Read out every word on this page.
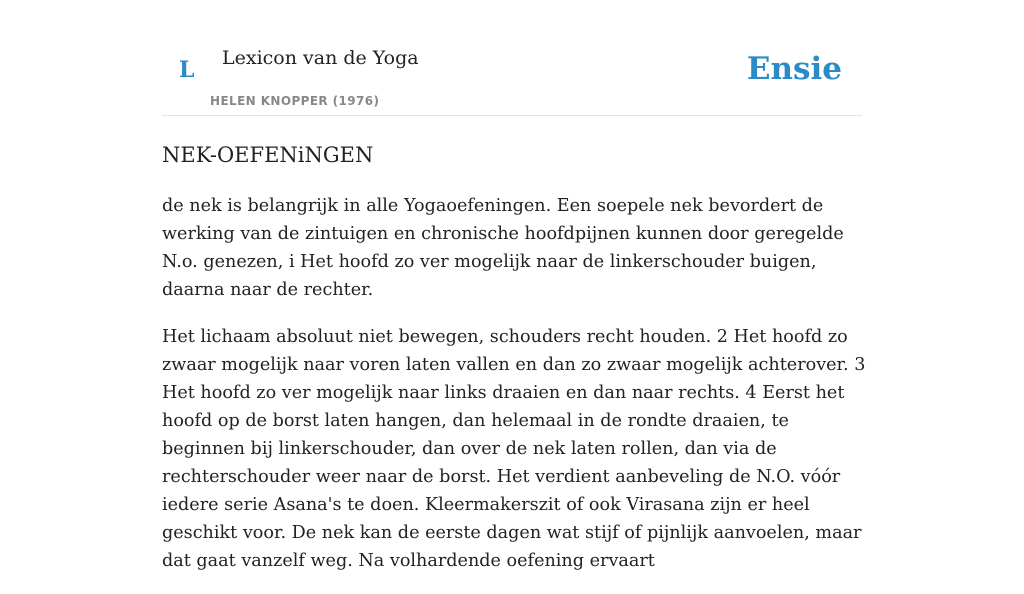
L Lexicon van de Yoga
HELEN KNOPPER (1976)
Ensie
NEK-OEFENiNGEN

de nek is belangrijk in alle Yogaoefeningen. Een soepele nek bevordert de werking van de zintuigen en chronische hoofdpijnen kunnen door geregelde N.o. genezen, i Het hoofd zo ver mogelijk naar de linkerschouder buigen, daarna naar de rechter.

Het lichaam absoluut niet bewegen, schouders recht houden. 2 Het hoofd zo zwaar mogelijk naar voren laten vallen en dan zo zwaar mogelijk achterover. 3 Het hoofd zo ver mogelijk naar links draaien en dan naar rechts. 4 Eerst het hoofd op de borst laten hangen, dan helemaal in de rondte draaien, te beginnen bij linkerschouder, dan over de nek laten rollen, dan via de rechterschouder weer naar de borst. Het verdient aanbeveling de N.O. vóór iedere serie Asana's te doen. Kleermakerszit of ook Virasana zijn er heel geschikt voor. De nek kan de eerste dagen wat stijf of pijnlijk aanvoelen, maar dat gaat vanzelf weg. Na volhardende oefening ervaart
